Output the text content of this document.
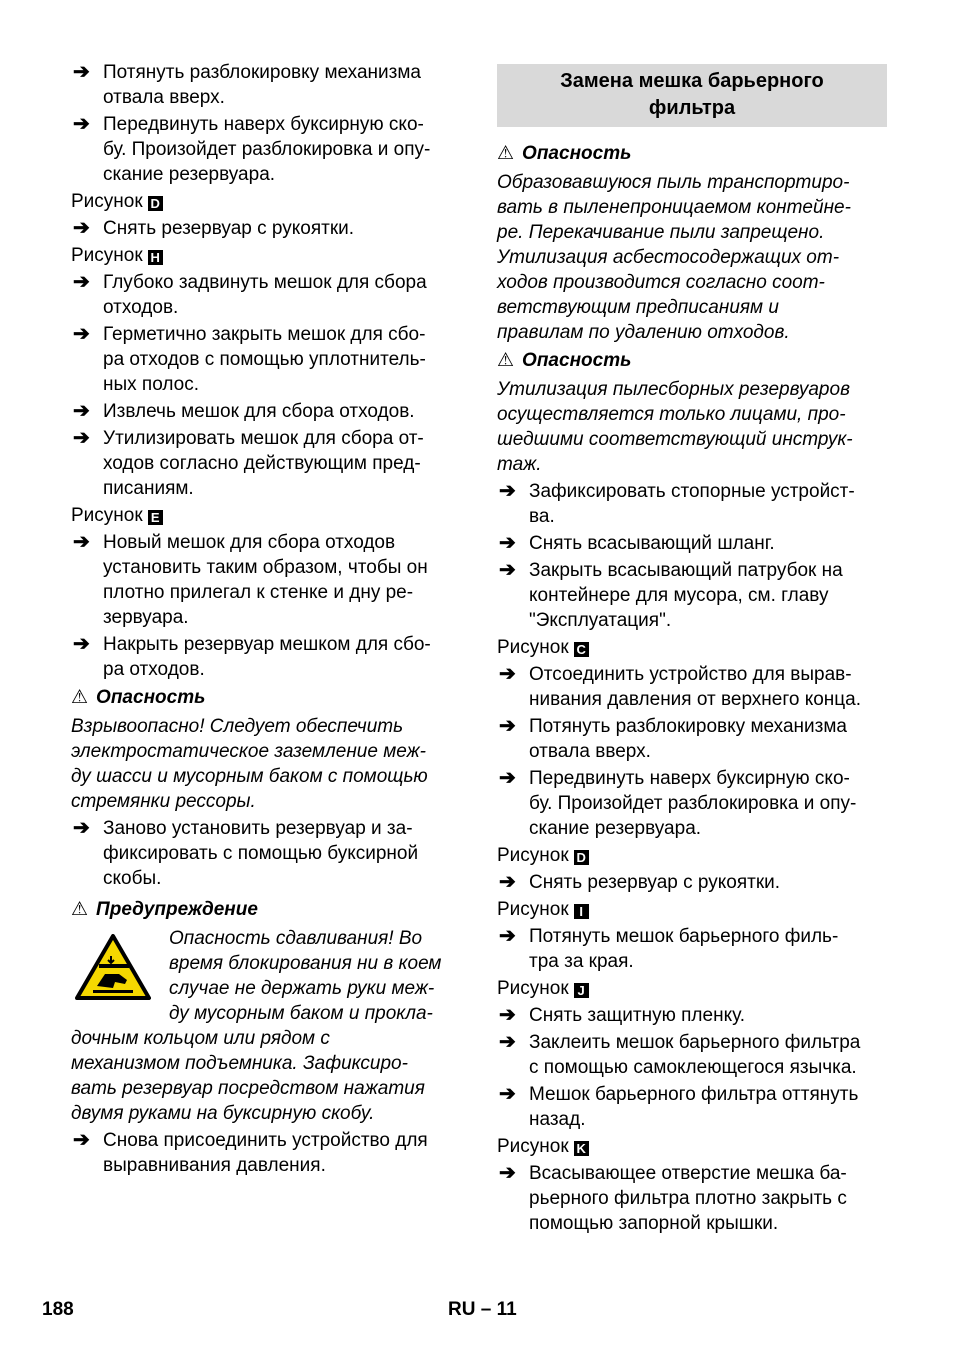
➔ Потянуть разблокировку механизма
отвала вверх.
➔ Передвинуть наверх буксирную ско-
бу. Произойдет разблокировка и опу-
скание резервуара.
Рисунок D
➔ Снять резервуар с рукоятки.
Рисунок H
➔ Глубоко задвинуть мешок для сбора
отходов.
➔ Герметично закрыть мешок для сбо-
ра отходов с помощью уплотнитель-
ных полос.
➔ Извлечь мешок для сбора отходов.
➔ Утилизировать мешок для сбора от-
ходов согласно действующим пред-
писаниям.
Рисунок E
➔ Новый мешок для сбора отходов
установить таким образом, чтобы он
плотно прилегал к стенке и дну ре-
зервуара.
➔ Накрыть резервуар мешком для сбо-
ра отходов.
⚠ Опасность
Взрывоопасно! Следует обеспечить
электростатическое заземление меж-
ду шасси и мусорным баком с помощью
стремянки рессоры.
➔ Заново установить резервуар и за-
фиксировать с помощью буксирной
скобы.
⚠ Предупреждение
Опасность сдавливания! Во
время блокирования ни в коем
случае не держать руки меж-
ду мусорным баком и прокла-
дочным кольцом или рядом с
механизмом подъемника. Зафиксиро-
вать резервуар посредством нажатия
двумя руками на буксирную скобу.
➔ Снова присоединить устройство для
выравнивания давления.
Замена мешка барьерного
фильтра
⚠ Опасность
Образовавшуюся пыль транспортиро-
вать в пыленепроницаемом контейне-
ре. Перекачивание пыли запрещено.
Утилизация асбестосодержащих от-
ходов производится согласно соот-
ветствующим предписаниям и
правилам по удалению отходов.
⚠ Опасность
Утилизация пылесборных резервуаров
осуществляется только лицами, про-
шедшими соответствующий инструк-
таж.
➔ Зафиксировать стопорные устройст-
ва.
➔ Снять всасывающий шланг.
➔ Закрыть всасывающий патрубок на
контейнере для мусора, см. главу
"Эксплуатация".
Рисунок C
➔ Отсоединить устройство для вырав-
нивания давления от верхнего конца.
➔ Потянуть разблокировку механизма
отвала вверх.
➔ Передвинуть наверх буксирную ско-
бу. Произойдет разблокировка и опу-
скание резервуара.
Рисунок D
➔ Снять резервуар с рукоятки.
Рисунок I
➔ Потянуть мешок барьерного филь-
тра за края.
Рисунок J
➔ Снять защитную пленку.
➔ Заклеить мешок барьерного фильтра
с помощью самоклеющегося язычка.
➔ Мешок барьерного фильтра оттянуть
назад.
Рисунок K
➔ Всасывающее отверстие мешка ба-
рьерного фильтра плотно закрыть с
помощью запорной крышки.
188	RU – 11
